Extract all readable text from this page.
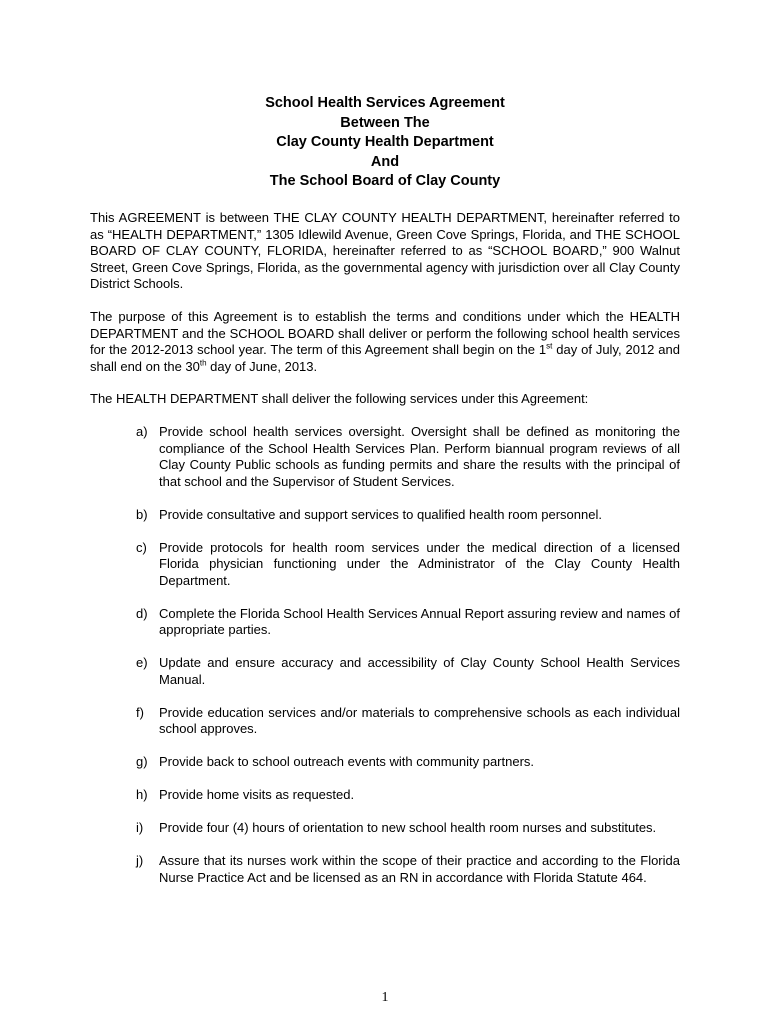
School Health Services Agreement
Between The
Clay County Health Department
And
The School Board of Clay County
This AGREEMENT is between THE CLAY COUNTY HEALTH DEPARTMENT, hereinafter referred to as “HEALTH DEPARTMENT,” 1305 Idlewild Avenue, Green Cove Springs, Florida, and THE SCHOOL BOARD OF CLAY COUNTY, FLORIDA, hereinafter referred to as “SCHOOL BOARD,” 900 Walnut Street, Green Cove Springs, Florida, as the governmental agency with jurisdiction over all Clay County District Schools.
The purpose of this Agreement is to establish the terms and conditions under which the HEALTH DEPARTMENT and the SCHOOL BOARD shall deliver or perform the following school health services for the 2012-2013 school year. The term of this Agreement shall begin on the 1st day of July, 2012 and shall end on the 30th day of June, 2013.
The HEALTH DEPARTMENT shall deliver the following services under this Agreement:
a) Provide school health services oversight. Oversight shall be defined as monitoring the compliance of the School Health Services Plan. Perform biannual program reviews of all Clay County Public schools as funding permits and share the results with the principal of that school and the Supervisor of Student Services.
b) Provide consultative and support services to qualified health room personnel.
c) Provide protocols for health room services under the medical direction of a licensed Florida physician functioning under the Administrator of the Clay County Health Department.
d) Complete the Florida School Health Services Annual Report assuring review and names of appropriate parties.
e) Update and ensure accuracy and accessibility of Clay County School Health Services Manual.
f) Provide education services and/or materials to comprehensive schools as each individual school approves.
g) Provide back to school outreach events with community partners.
h) Provide home visits as requested.
i) Provide four (4) hours of orientation to new school health room nurses and substitutes.
j) Assure that its nurses work within the scope of their practice and according to the Florida Nurse Practice Act and be licensed as an RN in accordance with Florida Statute 464.
1
